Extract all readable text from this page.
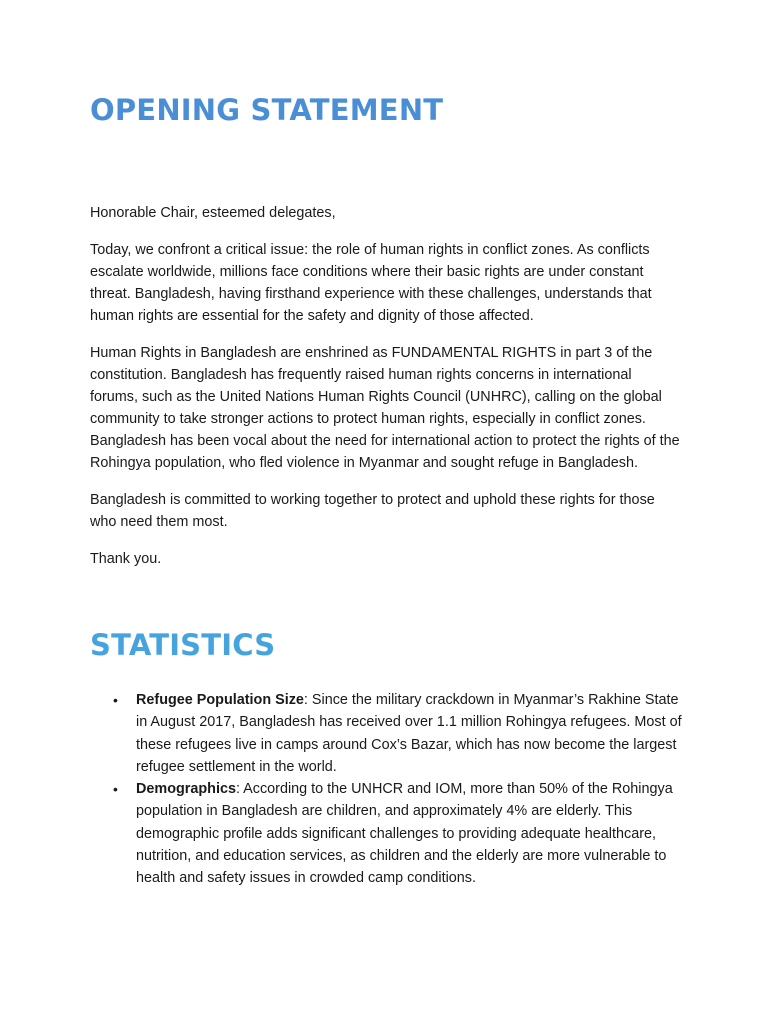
OPENING STATEMENT

Honorable Chair, esteemed delegates,

Today, we confront a critical issue: the role of human rights in conflict zones. As conflicts escalate worldwide, millions face conditions where their basic rights are under constant threat. Bangladesh, having firsthand experience with these challenges, understands that human rights are essential for the safety and dignity of those affected.

Human Rights in Bangladesh are enshrined as FUNDAMENTAL RIGHTS in part 3 of the constitution. Bangladesh has frequently raised human rights concerns in international forums, such as the United Nations Human Rights Council (UNHRC), calling on the global community to take stronger actions to protect human rights, especially in conflict zones. Bangladesh has been vocal about the need for international action to protect the rights of the Rohingya population, who fled violence in Myanmar and sought refuge in Bangladesh.

Bangladesh is committed to working together to protect and uphold these rights for those who need them most.

Thank you.

STATISTICS
• Refugee Population Size: Since the military crackdown in Myanmar’s Rakhine State in August 2017, Bangladesh has received over 1.1 million Rohingya refugees. Most of these refugees live in camps around Cox’s Bazar, which has now become the largest refugee settlement in the world.
• Demographics: According to the UNHCR and IOM, more than 50% of the Rohingya population in Bangladesh are children, and approximately 4% are elderly. This demographic profile adds significant challenges to providing adequate healthcare, nutrition, and education services, as children and the elderly are more vulnerable to health and safety issues in crowded camp conditions.
